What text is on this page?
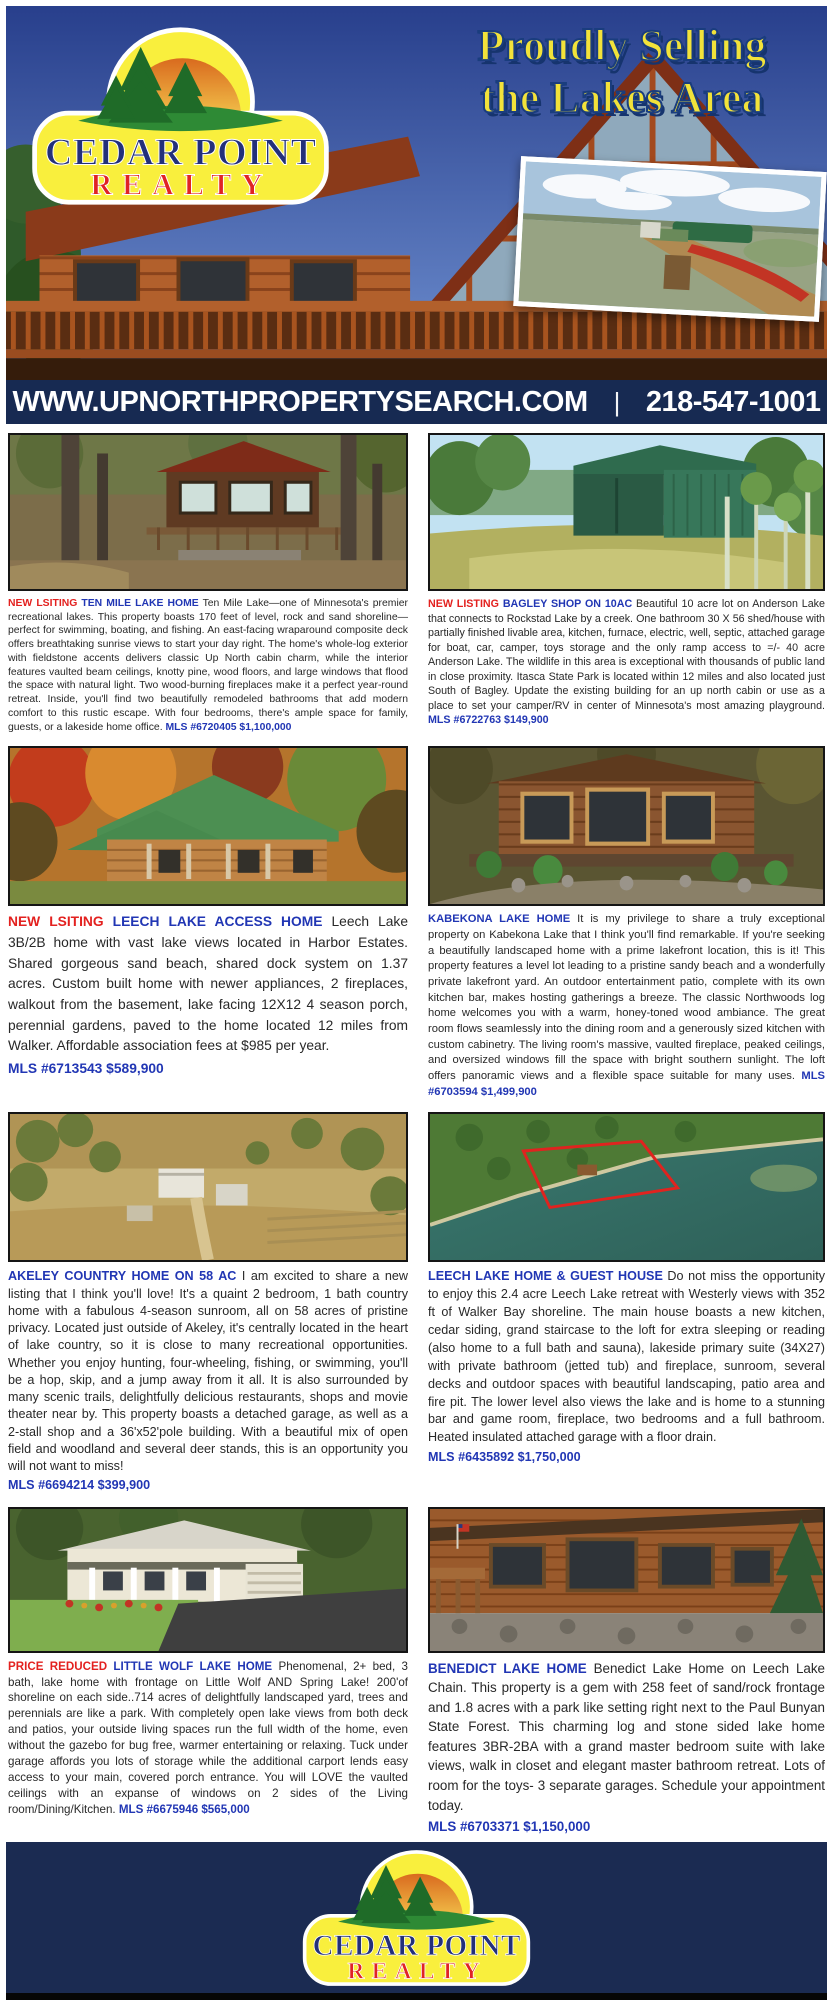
CEDAR POINT
REALTY
Proudly Selling
the Lakes Area
WWW.UPNORTHPROPERTYSEARCH.COM | 218-547-1001

NEW LSITING TEN MILE LAKE HOME Ten Mile Lake—one of Minnesota's premier recreational lakes. This property boasts 170 feet of level, rock and sand shoreline—perfect for swimming, boating, and fishing. An east-facing wraparound composite deck offers breathtaking sunrise views to start your day right. The home's whole-log exterior with fieldstone accents delivers classic Up North cabin charm, while the interior features vaulted beam ceilings, knotty pine, wood floors, and large windows that flood the space with natural light. Two wood-burning fireplaces make it a perfect year-round retreat. Inside, you'll find two beautifully remodeled bathrooms that add modern comfort to this rustic escape. With four bedrooms, there's ample space for family, guests, or a lakeside home office. MLS #6720405 $1,100,000

NEW LISTING BAGLEY SHOP ON 10AC Beautiful 10 acre lot on Anderson Lake that connects to Rockstad Lake by a creek. One bathroom 30 X 56 shed/house with partially finished livable area, kitchen, furnace, electric, well, septic, attached garage for boat, car, camper, toys storage and the only ramp access to =/- 40 acre Anderson Lake. The wildlife in this area is exceptional with thousands of public land in close proximity. Itasca State Park is located within 12 miles and also located just South of Bagley. Update the existing building for an up north cabin or use as a place to set your camper/RV in center of Minnesota's most amazing playground. MLS #6722763 $149,900

NEW LSITING LEECH LAKE ACCESS HOME Leech Lake 3B/2B home with vast lake views located in Harbor Estates. Shared gorgeous sand beach, shared dock system on 1.37 acres. Custom built home with newer appliances, 2 fireplaces, walkout from the basement, lake facing 12X12 4 season porch, perennial gardens, paved to the home located 12 miles from Walker. Affordable association fees at $985 per year.
MLS #6713543 $589,900

KABEKONA LAKE HOME It is my privilege to share a truly exceptional property on Kabekona Lake that I think you'll find remarkable. If you're seeking a beautifully landscaped home with a prime lakefront location, this is it! This property features a level lot leading to a pristine sandy beach and a wonderfully private lakefront yard. An outdoor entertainment patio, complete with its own kitchen bar, makes hosting gatherings a breeze. The classic Northwoods log home welcomes you with a warm, honey-toned wood ambiance. The great room flows seamlessly into the dining room and a generously sized kitchen with custom cabinetry. The living room's massive, vaulted fireplace, peaked ceilings, and oversized windows fill the space with bright southern sunlight. The loft offers panoramic views and a flexible space suitable for many uses. MLS #6703594 $1,499,900

AKELEY COUNTRY HOME ON 58 AC I am excited to share a new listing that I think you'll love! It's a quaint 2 bedroom, 1 bath country home with a fabulous 4-season sunroom, all on 58 acres of pristine privacy. Located just outside of Akeley, it's centrally located in the heart of lake country, so it is close to many recreational opportunities. Whether you enjoy hunting, four-wheeling, fishing, or swimming, you'll be a hop, skip, and a jump away from it all. It is also surrounded by many scenic trails, delightfully delicious restaurants, shops and movie theater near by. This property boasts a detached garage, as well as a 2-stall shop and a 36'x52'pole building. With a beautiful mix of open field and woodland and several deer stands, this is an opportunity you will not want to miss!
MLS #6694214 $399,900

LEECH LAKE HOME & GUEST HOUSE Do not miss the opportunity to enjoy this 2.4 acre Leech Lake retreat with Westerly views with 352 ft of Walker Bay shoreline. The main house boasts a new kitchen, cedar siding, grand staircase to the loft for extra sleeping or reading (also home to a full bath and sauna), lakeside primary suite (34X27) with private bathroom (jetted tub) and fireplace, sunroom, several decks and outdoor spaces with beautiful landscaping, patio area and fire pit. The lower level also views the lake and is home to a stunning bar and game room, fireplace, two bedrooms and a full bathroom. Heated insulated attached garage with a floor drain.
MLS #6435892 $1,750,000

PRICE REDUCED LITTLE WOLF LAKE HOME Phenomenal, 2+ bed, 3 bath, lake home with frontage on Little Wolf AND Spring Lake! 200'of shoreline on each side..714 acres of delightfully landscaped yard, trees and perennials are like a park. With completely open lake views from both deck and patios, your outside living spaces run the full width of the home, even without the gazebo for bug free, warmer entertaining or relaxing. Tuck under garage affords you lots of storage while the additional carport lends easy access to your main, covered porch entrance. You will LOVE the vaulted ceilings with an expanse of windows on 2 sides of the Living room/Dining/Kitchen. MLS #6675946 $565,000

BENEDICT LAKE HOME Benedict Lake Home on Leech Lake Chain. This property is a gem with 258 feet of sand/rock frontage and 1.8 acres with a park like setting right next to the Paul Bunyan State Forest. This charming log and stone sided lake home features 3BR-2BA with a grand master bedroom suite with lake views, walk in closet and elegant master bathroom retreat. Lots of room for the toys- 3 separate garages. Schedule your appointment today.
MLS #6703371 $1,150,000

CEDAR POINT
REALTY
